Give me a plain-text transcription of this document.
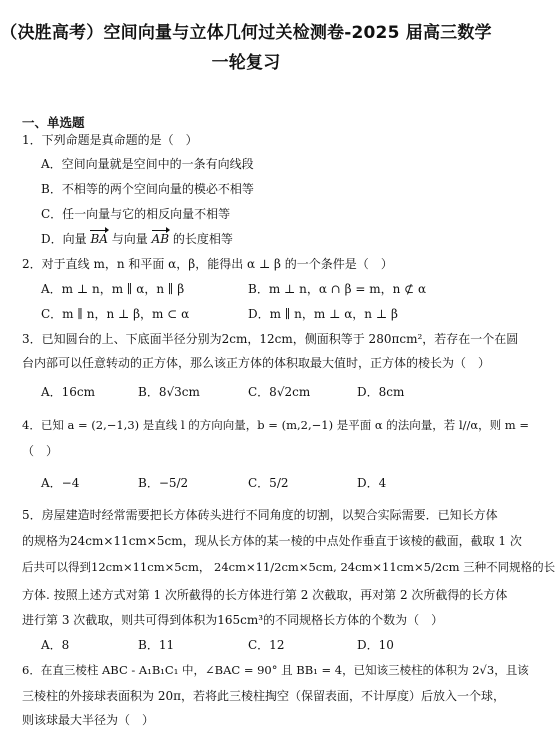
（决胜高考）空间向量与立体几何过关检测卷-2025 届高三数学
一轮复习
一、单选题
1．下列命题是真命题的是（　）
A．空间向量就是空间中的一条有向线段
B．不相等的两个空间向量的模必不相等
C．任一向量与它的相反向量不相等
D．向量 BA 与向量 AB 的长度相等
2．对于直线 m，n 和平面 α，β，能得出 α ⊥ β 的一个条件是（　）
A．m ⊥ n，m ∥ α，n ∥ β	B．m ⊥ n，α ∩ β = m，n ⊄ α
C．m ∥ n，n ⊥ β，m ⊂ α	D．m ∥ n，m ⊥ α，n ⊥ β
3．已知圆台的上、下底面半径分别为2cm，12cm，侧面积等于 280πcm²，若存在一个在圆
台内部可以任意转动的正方体，那么该正方体的体积取最大值时，正方体的棱长为（　）
A．16cm	B．8√3cm	C．8√2cm	D．8cm
4．已知 a = (2,−1,3) 是直线 l 的方向向量，b = (m,2,−1) 是平面 α 的法向量，若 l//α，则 m =
（　）
A．−4	B．−5/2	C．5/2	D．4
5．房屋建造时经常需要把长方体砖头进行不同角度的切割，以契合实际需要．已知长方体
的规格为24cm×11cm×5cm，现从长方体的某一棱的中点处作垂直于该棱的截面，截取 1 次
后共可以得到12cm×11cm×5cm， 24cm×11/2cm×5cm, 24cm×11cm×5/2cm 三种不同规格的长
方体. 按照上述方式对第 1 次所截得的长方体进行第 2 次截取，再对第 2 次所截得的长方体
进行第 3 次截取，则共可得到体积为165cm³的不同规格长方体的个数为（　）
A．8	B．11	C．12	D．10
6．在直三棱柱 ABC - A₁B₁C₁ 中，∠BAC = 90° 且 BB₁ = 4，已知该三棱柱的体积为 2√3，且该
三棱柱的外接球表面积为 20π，若将此三棱柱掏空（保留表面，不计厚度）后放入一个球，
则该球最大半径为（　）
